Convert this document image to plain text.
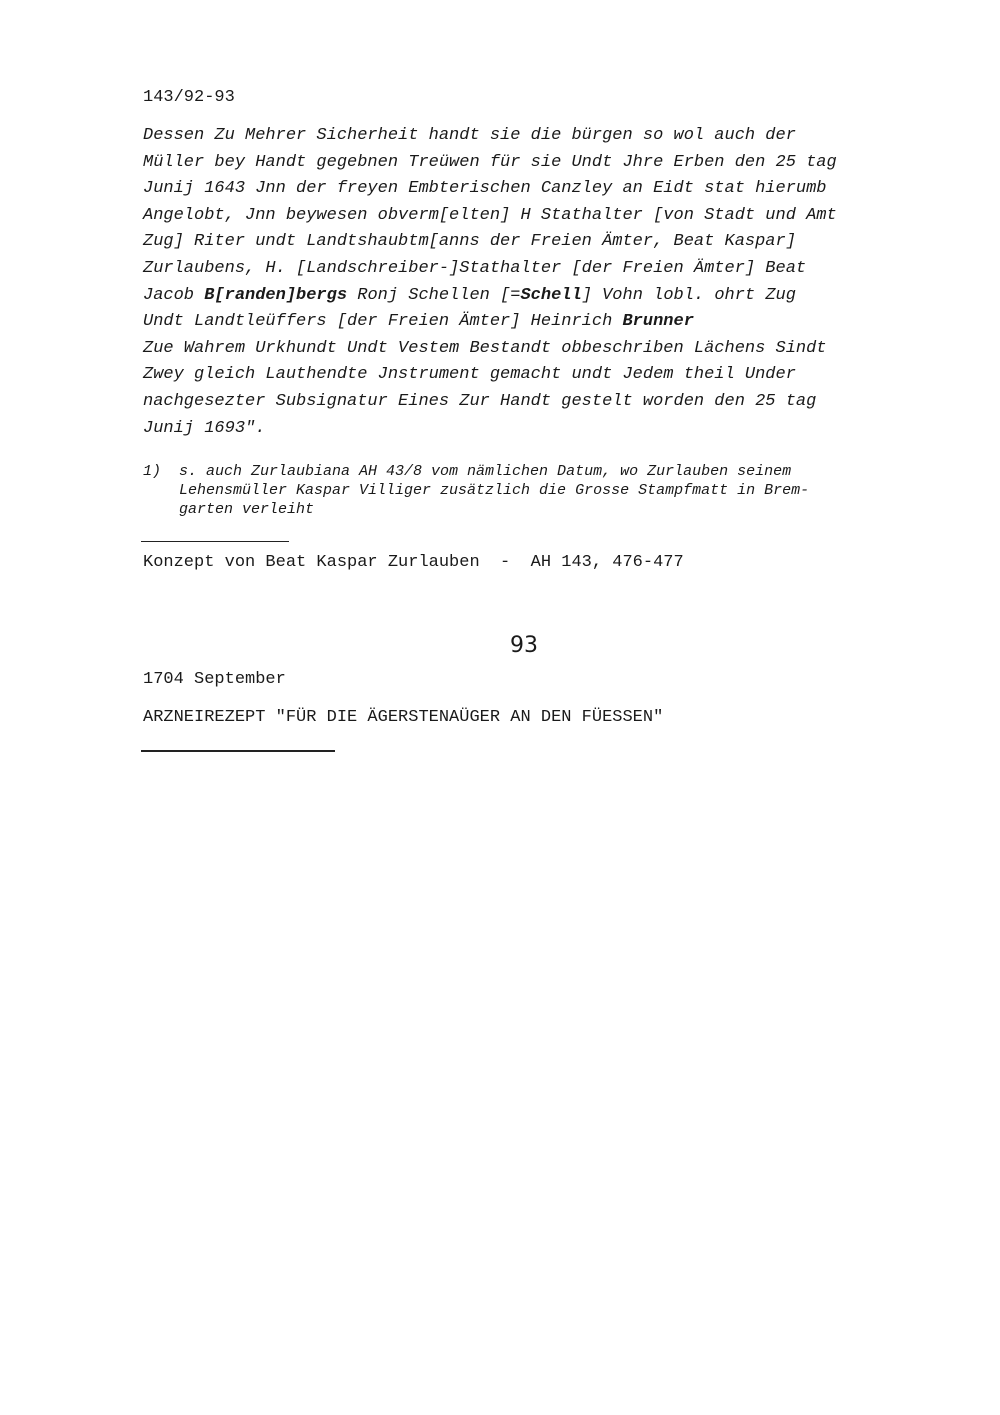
143/92-93
Dessen Zu Mehrer Sicherheit handt sie die bürgen so wol auch der
Müller bey Handt gegebnen Treüwen für sie Undt Jhre Erben den 25 tag
Junij 1643 Jnn der freyen Embterischen Canzley an Eidt stat hierumb
Angelobt, Jnn beywesen obverm[elten] H Stathalter [von Stadt und Amt
Zug] Riter undt Landtshaubtm[anns der Freien Ämter, Beat Kaspar]
Zurlaubens, H. [Landschreiber-]Stathalter [der Freien Ämter] Beat
Jacob B[randen]bergs Ronj Schellen [=Schell] Vohn lobl. ohrt Zug
Undt Landtleüffers [der Freien Ämter] Heinrich Brunner
Zue Wahrem Urkhundt Undt Vestem Bestandt obbeschriben Lächens Sindt
Zwey gleich Lauthendte Jnstrument gemacht undt Jedem theil Under
nachgesezter Subsignatur Eines Zur Handt gestelt worden den 25 tag
Junij 1693".
1)	s. auch Zurlaubiana AH 43/8 vom nämlichen Datum, wo Zurlauben seinem
Lehensmüller Kaspar Villiger zusätzlich die Grosse Stampfmatt in Brem-
garten verleiht
Konzept von Beat Kaspar Zurlauben  -  AH 143, 476-477
93
1704 September
ARZNEIREZEPT "FÜR DIE ÄGERSTENAÜGER AN DEN FÜESSEN"
